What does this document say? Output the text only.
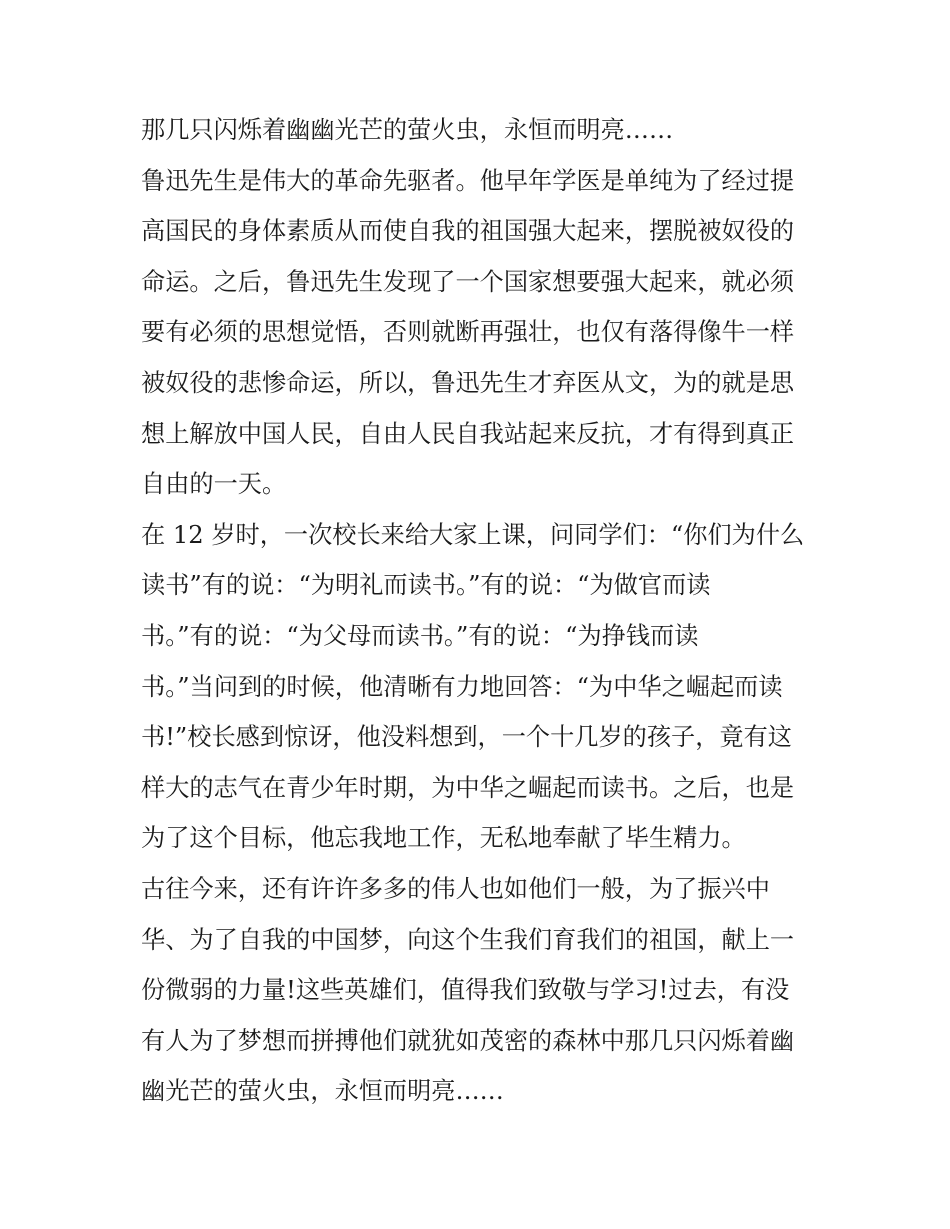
那几只闪烁着幽幽光芒的萤火虫，永恒而明亮……
鲁迅先生是伟大的革命先驱者。他早年学医是单纯为了经过提
高国民的身体素质从而使自我的祖国强大起来，摆脱被奴役的
命运。之后，鲁迅先生发现了一个国家想要强大起来，就必须
要有必须的思想觉悟，否则就断再强壮，也仅有落得像牛一样
被奴役的悲惨命运，所以，鲁迅先生才弃医从文，为的就是思
想上解放中国人民，自由人民自我站起来反抗，才有得到真正
自由的一天。
在 12 岁时，一次校长来给大家上课，问同学们：“你们为什么
读书”有的说：“为明礼而读书。”有的说：“为做官而读
书。”有的说：“为父母而读书。”有的说：“为挣钱而读
书。”当问到的时候，他清晰有力地回答：“为中华之崛起而读
书!”校长感到惊讶，他没料想到，一个十几岁的孩子，竟有这
样大的志气在青少年时期，为中华之崛起而读书。之后，也是
为了这个目标，他忘我地工作，无私地奉献了毕生精力。
古往今来，还有许许多多的伟人也如他们一般，为了振兴中
华、为了自我的中国梦，向这个生我们育我们的祖国，献上一
份微弱的力量!这些英雄们，值得我们致敬与学习!过去，有没
有人为了梦想而拼搏他们就犹如茂密的森林中那几只闪烁着幽
幽光芒的萤火虫，永恒而明亮……
